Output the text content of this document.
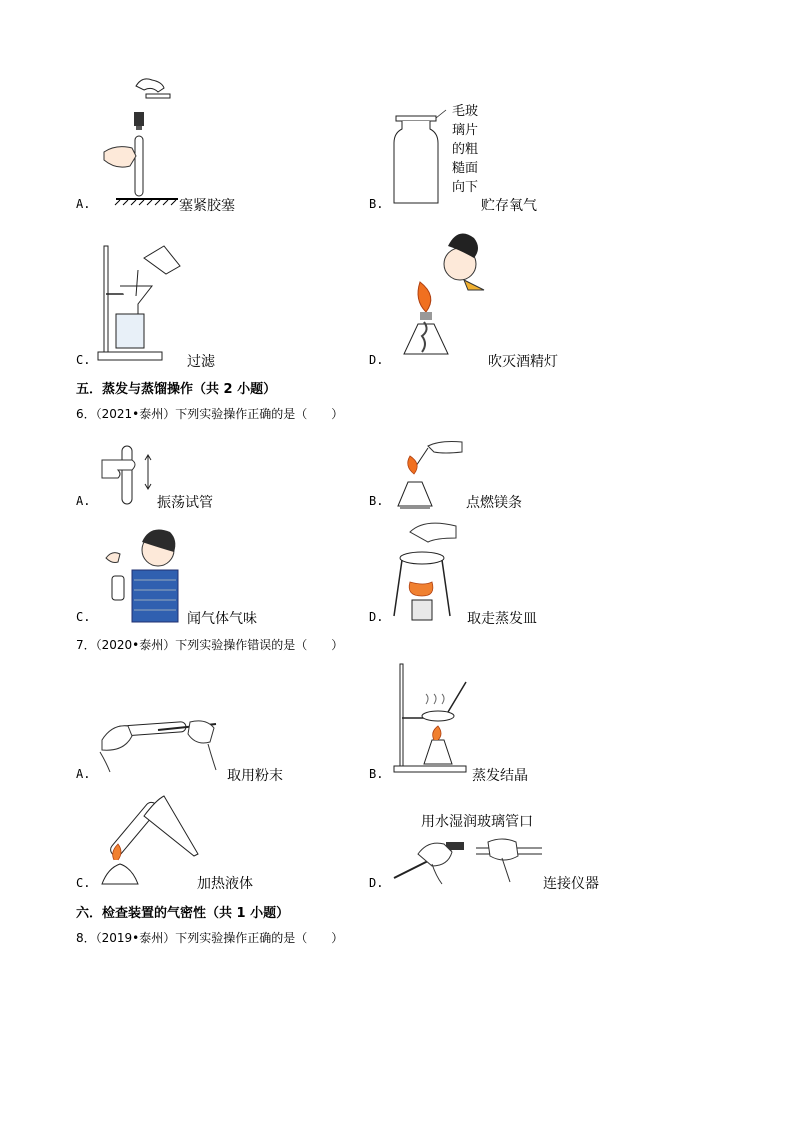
A.	塞紧胶塞
毛玻
璃片
的粗
糙面
向下
B.	贮存氧气
C.	过滤	D.	吹灭酒精灯
五．蒸发与蒸馏操作（共 2 小题）
6．（2021•泰州）下列实验操作正确的是（　　）
A.	振荡试管	B.	点燃镁条
C.	闻气体气味	D.	取走蒸发皿
7．（2020•泰州）下列实验操作错误的是（　　）
A.	取用粉末	B.	蒸发结晶
C.	加热液体
用水湿润玻璃管口
D.	连接仪器
六．检查装置的气密性（共 1 小题）
8．（2019•泰州）下列实验操作正确的是（　　）
